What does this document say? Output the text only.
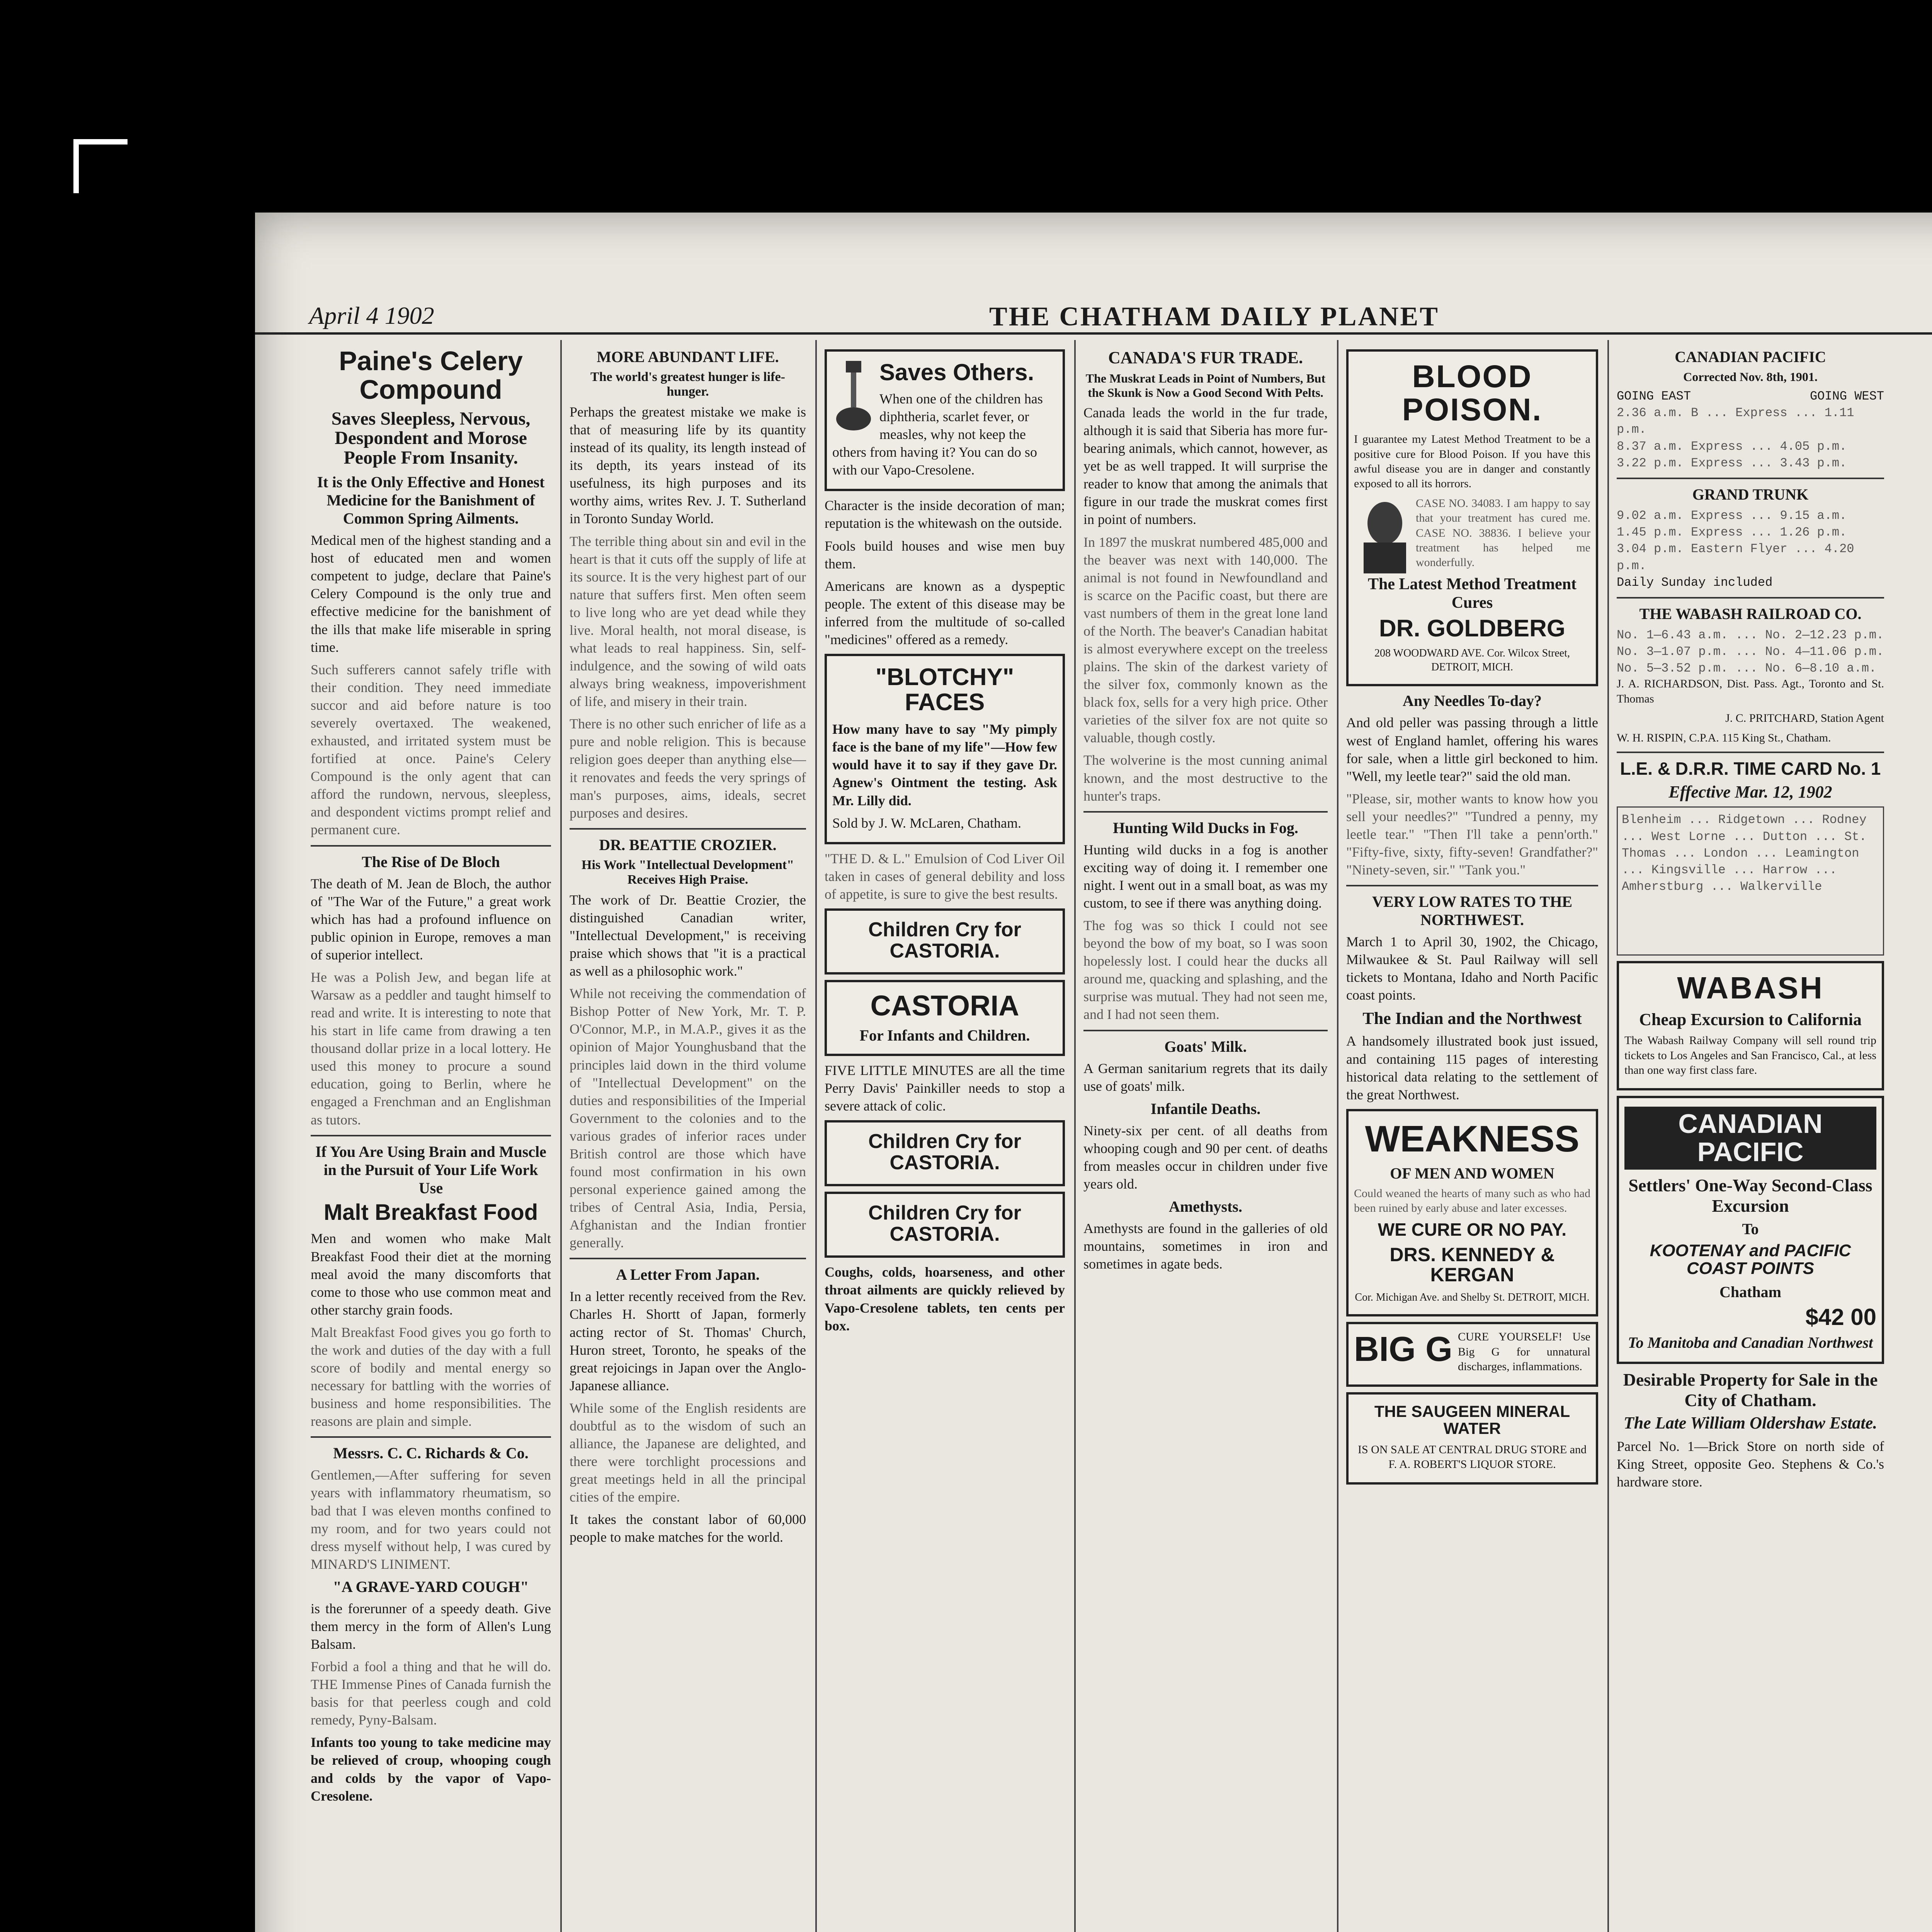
April 4 1902	THE CHATHAM DAILY PLANET
Paine's Celery Compound
Saves Sleepless, Nervous, Despondent and Morose People From Insanity.
It is the Only Effective and Honest Medicine for the Banishment of Common Spring Ailments.

Medical men of the highest standing and a host of educated men and women competent to judge, declare that Paine's Celery Compound is the only true and effective medicine for the banishment of the ills that make life miserable in spring time.

Such sufferers cannot safely trifle with their condition. They need immediate succor and aid before nature is too severely overtaxed. The weakened, exhausted, and irritated system must be fortified at once. Paine's Celery Compound is the only agent that can afford the rundown, nervous, sleepless, and despondent victims prompt relief and permanent cure.

The Rise of De Bloch

The death of M. Jean de Bloch, the author of "The War of the Future," a great work which has had a profound influence on public opinion in Europe, removes a man of superior intellect.

He was a Polish Jew, and began life at Warsaw as a peddler and taught himself to read and write. It is interesting to note that his start in life came from drawing a ten thousand dollar prize in a local lottery. He used this money to procure a sound education, going to Berlin, where he engaged a Frenchman and an Englishman as tutors.

If You Are Using Brain and Muscle in the Pursuit of Your Life Work Use
Malt Breakfast Food

Men and women who make Malt Breakfast Food their diet at the morning meal avoid the many discomforts that come to those who use common meat and other starchy grain foods.

Malt Breakfast Food gives you go forth to the work and duties of the day with a full score of bodily and mental energy so necessary for battling with the worries of business and home responsibilities. The reasons are plain and simple.

Messrs. C. C. Richards & Co.

Gentlemen,—After suffering for seven years with inflammatory rheumatism, so bad that I was eleven months confined to my room, and for two years could not dress myself without help, I was cured by MINARD'S LINIMENT.

"A GRAVE-YARD COUGH"

is the forerunner of a speedy death. Give them mercy in the form of Allen's Lung Balsam.

Forbid a fool a thing and that he will do. THE Immense Pines of Canada furnish the basis for that peerless cough and cold remedy, Pyny-Balsam.

Infants too young to take medicine may be relieved of croup, whooping cough and colds by the vapor of Vapo-Cresolene.

MORE ABUNDANT LIFE.
The world's greatest hunger is life-hunger.

Perhaps the greatest mistake we make is that of measuring life by its quantity instead of its quality, its length instead of its depth, its years instead of its usefulness, its high purposes and its worthy aims, writes Rev. J. T. Sutherland in Toronto Sunday World.

The terrible thing about sin and evil in the heart is that it cuts off the supply of life at its source. It is the very highest part of our nature that suffers first. Men often seem to live long who are yet dead while they live. Moral health, not moral disease, is what leads to real happiness. Sin, self-indulgence, and the sowing of wild oats always bring weakness, impoverishment of life, and misery in their train.

There is no other such enricher of life as a pure and noble religion. This is because religion goes deeper than anything else—it renovates and feeds the very springs of man's purposes, aims, ideals, secret purposes and desires.

DR. BEATTIE CROZIER.
His Work "Intellectual Development" Receives High Praise.

The work of Dr. Beattie Crozier, the distinguished Canadian writer, "Intellectual Development," is receiving praise which shows that "it is a practical as well as a philosophic work."

While not receiving the commendation of Bishop Potter of New York, Mr. T. P. O'Connor, M.P., in M.A.P., gives it as the opinion of Major Younghusband that the principles laid down in the third volume of "Intellectual Development" on the duties and responsibilities of the Imperial Government to the colonies and to the various grades of inferior races under British control are those which have found most confirmation in his own personal experience gained among the tribes of Central Asia, India, Persia, Afghanistan and the Indian frontier generally.

A Letter From Japan.

In a letter recently received from the Rev. Charles H. Shortt of Japan, formerly acting rector of St. Thomas' Church, Huron street, Toronto, he speaks of the great rejoicings in Japan over the Anglo-Japanese alliance.

While some of the English residents are doubtful as to the wisdom of such an alliance, the Japanese are delighted, and there were torchlight processions and great meetings held in all the principal cities of the empire.

It takes the constant labor of 60,000 people to make matches for the world.

Saves Others.

When one of the children has diphtheria, scarlet fever, or measles, why not keep the others from having it? You can do so with our Vapo-Cresolene.

Character is the inside decoration of man; reputation is the whitewash on the outside.

Fools build houses and wise men buy them.

Americans are known as a dyspeptic people. The extent of this disease may be inferred from the multitude of so-called "medicines" offered as a remedy.

"BLOTCHY" FACES

How many have to say "My pimply face is the bane of my life"—How few would have it to say if they gave Dr. Agnew's Ointment the testing. Ask Mr. Lilly did.

Sold by J. W. McLaren, Chatham.

"THE D. & L." Emulsion of Cod Liver Oil taken in cases of general debility and loss of appetite, is sure to give the best results.

Children Cry for CASTORIA.
CASTORIA
For Infants and Children.

FIVE LITTLE MINUTES are all the time Perry Davis' Painkiller needs to stop a severe attack of colic.

Children Cry for CASTORIA.
Children Cry for CASTORIA.

Coughs, colds, hoarseness, and other throat ailments are quickly relieved by Vapo-Cresolene tablets, ten cents per box.

CANADA'S FUR TRADE.
The Muskrat Leads in Point of Numbers, But the Skunk is Now a Good Second With Pelts.

Canada leads the world in the fur trade, although it is said that Siberia has more fur-bearing animals, which cannot, however, as yet be as well trapped. It will surprise the reader to know that among the animals that figure in our trade the muskrat comes first in point of numbers.

In 1897 the muskrat numbered 485,000 and the beaver was next with 140,000. The animal is not found in Newfoundland and is scarce on the Pacific coast, but there are vast numbers of them in the great lone land of the North. The beaver's Canadian habitat is almost everywhere except on the treeless plains. The skin of the darkest variety of the silver fox, commonly known as the black fox, sells for a very high price. Other varieties of the silver fox are not quite so valuable, though costly.

The wolverine is the most cunning animal known, and the most destructive to the hunter's traps.

Hunting Wild Ducks in Fog.

Hunting wild ducks in a fog is another exciting way of doing it. I remember one night. I went out in a small boat, as was my custom, to see if there was anything doing.

The fog was so thick I could not see beyond the bow of my boat, so I was soon hopelessly lost. I could hear the ducks all around me, quacking and splashing, and the surprise was mutual. They had not seen me, and I had not seen them.

Goats' Milk.

A German sanitarium regrets that its daily use of goats' milk.

Infantile Deaths.

Ninety-six per cent. of all deaths from whooping cough and 90 per cent. of deaths from measles occur in children under five years old.

Amethysts.

Amethysts are found in the galleries of old mountains, sometimes in iron and sometimes in agate beds.

BLOOD POISON.

I guarantee my Latest Method Treatment to be a positive cure for Blood Poison. If you have this awful disease you are in danger and constantly exposed to all its horrors.

CASE NO. 34083. I am happy to say that your treatment has cured me. CASE NO. 38836. I believe your treatment has helped me wonderfully.

The Latest Method Treatment Cures
DR. GOLDBERG
208 WOODWARD AVE. Cor. Wilcox Street, DETROIT, MICH.
Any Needles To-day?

And old peller was passing through a little west of England hamlet, offering his wares for sale, when a little girl beckoned to him. "Well, my leetle tear?" said the old man.

"Please, sir, mother wants to know how you sell your needles?" "Tundred a penny, my leetle tear." "Then I'll take a penn'orth." "Fifty-five, sixty, fifty-seven! Grandfather?" "Ninety-seven, sir." "Tank you."

VERY LOW RATES TO THE NORTHWEST.

March 1 to April 30, 1902, the Chicago, Milwaukee & St. Paul Railway will sell tickets to Montana, Idaho and North Pacific coast points.

The Indian and the Northwest

A handsomely illustrated book just issued, and containing 115 pages of interesting historical data relating to the settlement of the great Northwest.

WEAKNESS
OF MEN AND WOMEN

Could weaned the hearts of many such as who had been ruined by early abuse and later excesses.

WE CURE OR NO PAY.
DRS. KENNEDY & KERGAN
Cor. Michigan Ave. and Shelby St. DETROIT, MICH.
BIG G CURE YOURSELF! Use Big G for unnatural discharges, inflammations.

THE SAUGEEN MINERAL WATER

IS ON SALE AT CENTRAL DRUG STORE and F. A. ROBERT'S LIQUOR STORE.

CANADIAN PACIFIC
Corrected Nov. 8th, 1901.
GOING EAST	GOING WEST
2.36 a.m. B ... Express ... 1.11 p.m.
8.37 a.m. Express ... 4.05 p.m.
3.22 p.m. Express ... 3.43 p.m.
GRAND TRUNK
9.02 a.m. Express ... 9.15 a.m.
1.45 p.m. Express ... 1.26 p.m.
3.04 p.m. Eastern Flyer ... 4.20 p.m.
Daily Sunday included
THE WABASH RAILROAD CO.
No. 1—6.43 a.m. ... No. 2—12.23 p.m.
No. 3—1.07 p.m. ... No. 4—11.06 p.m.
No. 5—3.52 p.m. ... No. 6—8.10 a.m.

J. A. RICHARDSON, Dist. Pass. Agt., Toronto and St. Thomas

J. C. PRITCHARD, Station Agent

W. H. RISPIN, C.P.A. 115 King St., Chatham.

L.E. & D.R.R. TIME CARD No. 1
Effective Mar. 12, 1902
Blenheim ... Ridgetown ... Rodney ... West Lorne ... Dutton ... St. Thomas ... London ... Leamington ... Kingsville ... Harrow ... Amherstburg ... Walkerville
WABASH
Cheap Excursion to California

The Wabash Railway Company will sell round trip tickets to Los Angeles and San Francisco, Cal., at less than one way first class fare.

CANADIAN PACIFIC
Settlers' One-Way Second-Class Excursion
To
KOOTENAY and PACIFIC COAST POINTS
Chatham
$42 00
To Manitoba and Canadian Northwest
Desirable Property for Sale in the City of Chatham.
The Late William Oldershaw Estate.

Parcel No. 1—Brick Store on north side of King Street, opposite Geo. Stephens & Co.'s hardware store.
